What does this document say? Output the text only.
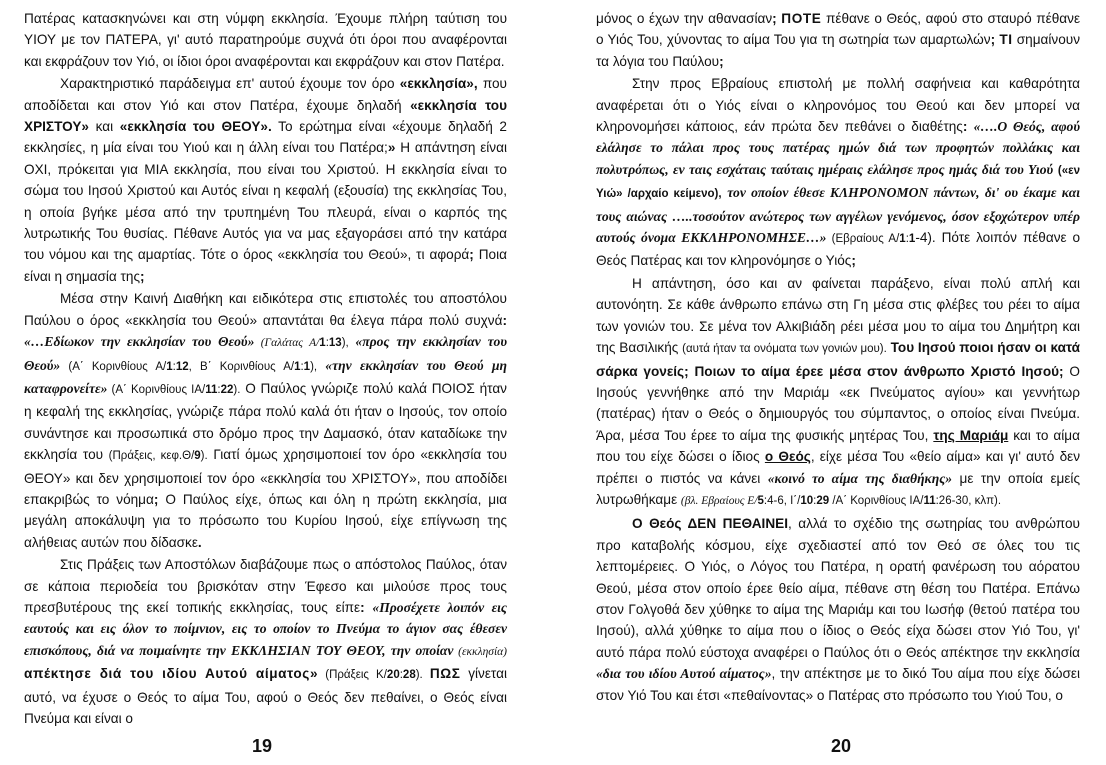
Πατέρας κατασκηνώνει και στη νύμφη εκκλησία. Έχουμε πλήρη ταύτιση του ΥΙΟΥ με τον ΠΑΤΕΡΑ, γι' αυτό παρατηρούμε συχνά ότι όροι που αναφέρονται και εκφράζουν τον Υιό, οι ίδιοι όροι αναφέρονται και εκφράζουν και στον Πατέρα.

Χαρακτηριστικό παράδειγμα επ' αυτού έχουμε τον όρο «εκκλησία», που αποδίδεται και στον Υιό και στον Πατέρα, έχουμε δηλαδή «εκκλησία του ΧΡΙΣΤΟΥ» και «εκκλησία του ΘΕΟΥ». Το ερώτημα είναι «έχουμε δηλαδή 2 εκκλησίες, η μία είναι του Υιού και η άλλη είναι του Πατέρα;» Η απάντηση είναι ΟΧΙ, πρόκειται για ΜΙΑ εκκλησία, που είναι του Χριστού. Η εκκλησία είναι το σώμα του Ιησού Χριστού και Αυτός είναι η κεφαλή (εξουσία) της εκκλησίας Του, η οποία βγήκε μέσα από την τρυπημένη Του πλευρά, είναι ο καρπός της λυτρωτικής Του θυσίας. Πέθανε Αυτός για να μας εξαγοράσει από την κατάρα του νόμου και της αμαρτίας. Τότε ο όρος «εκκλησία του Θεού», τι αφορά; Ποια είναι η σημασία της;

Μέσα στην Καινή Διαθήκη και ειδικότερα στις επιστολές του αποστόλου Παύλου ο όρος «εκκλησία του Θεού» απαντάται θα έλεγα πάρα πολύ συχνά: «…Εδίωκον την εκκλησίαν του Θεού» (Γαλάτας Α/1:13), «προς την εκκλησίαν του Θεού» (Α΄ Κορινθίους Α/1:12, Β΄ Κορινθίους Α/1:1), «την εκκλησίαν του Θεού μη καταφρονείτε» (Α΄ Κορινθίους ΙΑ/11:22). Ο Παύλος γνώριζε πολύ καλά ΠΟΙΟΣ ήταν η κεφαλή της εκκλησίας, γνώριζε πάρα πολύ καλά ότι ήταν ο Ιησούς, τον οποίο συνάντησε και προσωπικά στο δρόμο προς την Δαμασκό, όταν καταδίωκε την εκκλησία του (Πράξεις, κεφ.Θ/9). Γιατί όμως χρησιμοποιεί τον όρο «εκκλησία του ΘΕΟΥ» και δεν χρησιμοποιεί τον όρο «εκκλησία του ΧΡΙΣΤΟΥ», που αποδίδει επακριβώς το νόημα; Ο Παύλος είχε, όπως και όλη η πρώτη εκκλησία, μια μεγάλη αποκάλυψη για το πρόσωπο του Κυρίου Ιησού, είχε επίγνωση της αλήθειας αυτών που δίδασκε.

Στις Πράξεις των Αποστόλων διαβάζουμε πως ο απόστολος Παύλος, όταν σε κάποια περιοδεία του βρισκόταν στην Έφεσο και μιλούσε προς τους πρεσβυτέρους της εκεί τοπικής εκκλησίας, τους είπε: «Προσέχετε λοιπόν εις εαυτούς και εις όλον το ποίμνιον, εις το οποίον το Πνεύμα το άγιον σας έθεσεν επισκόπους, διά να ποιμαίνητε την ΕΚΚΛΗΣΙΑΝ ΤΟΥ ΘΕΟΥ, την οποίαν (εκκλησία) απέκτησε διά του ιδίου Αυτού αίματος» (Πράξεις Κ/20:28). ΠΩΣ γίνεται αυτό, να έχυσε ο Θεός το αίμα Του, αφού ο Θεός δεν πεθαίνει, ο Θεός είναι Πνεύμα και είναι ο

19

μόνος ο έχων την αθανασίαν; ΠΟΤΕ πέθανε ο Θεός, αφού στο σταυρό πέθανε ο Υιός Του, χύνοντας το αίμα Του για τη σωτηρία των αμαρτωλών; ΤΙ σημαίνουν τα λόγια του Παύλου;

Στην προς Εβραίους επιστολή με πολλή σαφήνεια και καθαρότητα αναφέρεται ότι ο Υιός είναι ο κληρονόμος του Θεού και δεν μπορεί να κληρονομήσει κάποιος, εάν πρώτα δεν πεθάνει ο διαθέτης: «….Ο Θεός, αφού ελάλησε το πάλαι προς τους πατέρας ημών διά των προφητών πολλάκις και πολυτρόπως, εν ταις εσχάταις ταύταις ημέραις ελάλησε προς ημάς διά του Υιού («εν Υιώ» /αρχαίο κείμενο), τον οποίον έθεσε ΚΛΗΡΟΝΟΜΟΝ πάντων, δι' ου έκαμε και τους αιώνας …..τοσούτον ανώτερος των αγγέλων γενόμενος, όσον εξοχώτερον υπέρ αυτούς όνομα ΕΚΚΛΗΡΟΝΟΜΗΣΕ…» (Εβραίους Α/1:1-4). Πότε λοιπόν πέθανε ο Θεός Πατέρας και τον κληρονόμησε ο Υιός;

Η απάντηση, όσο και αν φαίνεται παράξενο, είναι πολύ απλή και αυτονόητη. Σε κάθε άνθρωπο επάνω στη Γη μέσα στις φλέβες του ρέει το αίμα των γονιών του. Σε μένα τον Αλκιβιάδη ρέει μέσα μου το αίμα του Δημήτρη και της Βασιλικής (αυτά ήταν τα ονόματα των γονιών μου). Του Ιησού ποιοι ήσαν οι κατά σάρκα γονείς; Ποιων το αίμα έρεε μέσα στον άνθρωπο Χριστό Ιησού; Ο Ιησούς γεννήθηκε από την Μαριάμ «εκ Πνεύματος αγίου» και γεννήτωρ (πατέρας) ήταν ο Θεός ο δημιουργός του σύμπαντος, ο οποίος είναι Πνεύμα. Άρα, μέσα Του έρεε το αίμα της φυσικής μητέρας Του, της Μαριάμ και το αίμα που του είχε δώσει ο ίδιος ο Θεός, είχε μέσα Του «θείο αίμα» και γι' αυτό δεν πρέπει ο πιστός να κάνει «κοινό το αίμα της διαθήκης» με την οποία εμείς λυτρωθήκαμε (βλ. Εβραίους Ε/5:4-6, Ι΄/10:29 /Α΄ Κορινθίους ΙΑ/11:26-30, κλπ).

Ο Θεός ΔΕΝ ΠΕΘΑΙΝΕΙ, αλλά το σχέδιο της σωτηρίας του ανθρώπου προ καταβολής κόσμου, είχε σχεδιαστεί από τον Θεό σε όλες του τις λεπτομέρειες. Ο Υιός, ο Λόγος του Πατέρα, η ορατή φανέρωση του αόρατου Θεού, μέσα στον οποίο έρεε θείο αίμα, πέθανε στη θέση του Πατέρα. Επάνω στον Γολγοθά δεν χύθηκε το αίμα της Μαριάμ και του Ιωσήφ (θετού πατέρα του Ιησού), αλλά χύθηκε το αίμα που ο ίδιος ο Θεός είχα δώσει στον Υιό Του, γι' αυτό πάρα πολύ εύστοχα αναφέρει ο Παύλος ότι ο Θεός απέκτησε την εκκλησία «δια του ιδίου Αυτού αίματος», την απέκτησε με το δικό Του αίμα που είχε δώσει στον Υιό Του και έτσι «πεθαίνοντας» ο Πατέρας στο πρόσωπο του Υιού Του, ο

20
